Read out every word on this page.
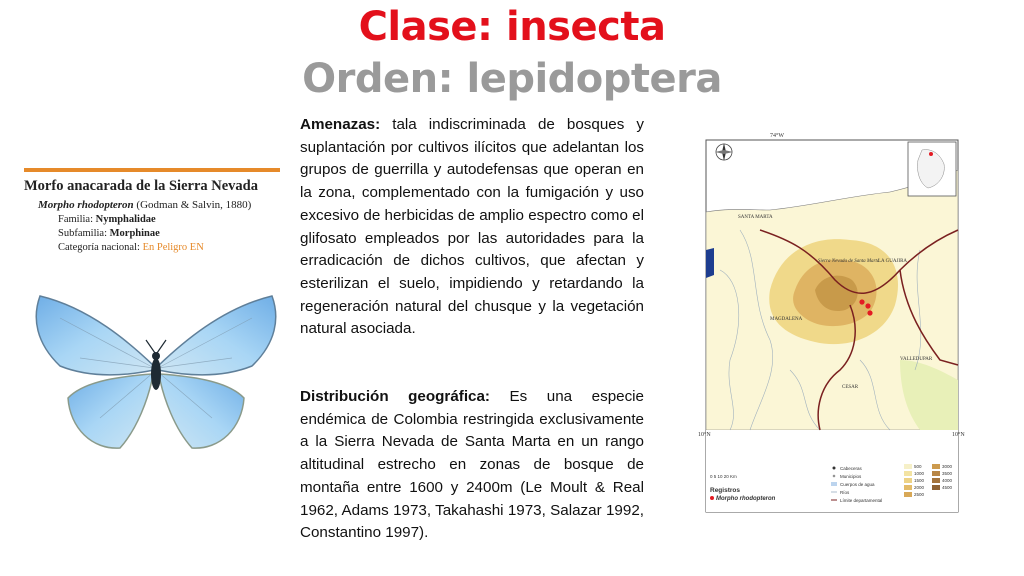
Clase: insecta
Orden: lepidoptera
Morfo anacarada de la Sierra Nevada
Morpho rhodopteron (Godman & Salvin, 1880)
Familia: Nymphalidae
Subfamilia: Morphinae
Categoría nacional: En Peligro EN

Amenazas: tala indiscriminada de bosques y suplantación por cultivos ilícitos que adelantan los grupos de guerrilla y autodefensas que operan en la zona, complementado con la fumigación y uso excesivo de herbicidas de amplio espectro como el glifosato empleados por las autoridades para la erradicación de dichos cultivos, que afectan y esterilizan el suelo, impidiendo y retardando la regeneración natural del chusque y la vegetación natural asociada.

Distribución geográfica: Es una especie endémica de Colombia restringida exclusivamente a la Sierra Nevada de Santa Marta en un rango altitudinal estrecho en zonas de bosque de montaña entre 1600 y 2400m (Le Moult & Real 1962, Adams 1973, Takahashi 1973, Salazar 1992, Constantino 1997).

74°W
10°N	10°N
SANTA MARTA
Sierra Nevada de Santa Marta
LA GUAJIRA
MAGDALENA
CESAR
VALLEDUPAR
0 5 10 20 Km
Registros
Morpho rhodopteron
Cabeceras
Municipios
Cuerpos de agua
Ríos
Límite departamental
500
1000
1500
2000
2500
3000
3500
4000
4500
